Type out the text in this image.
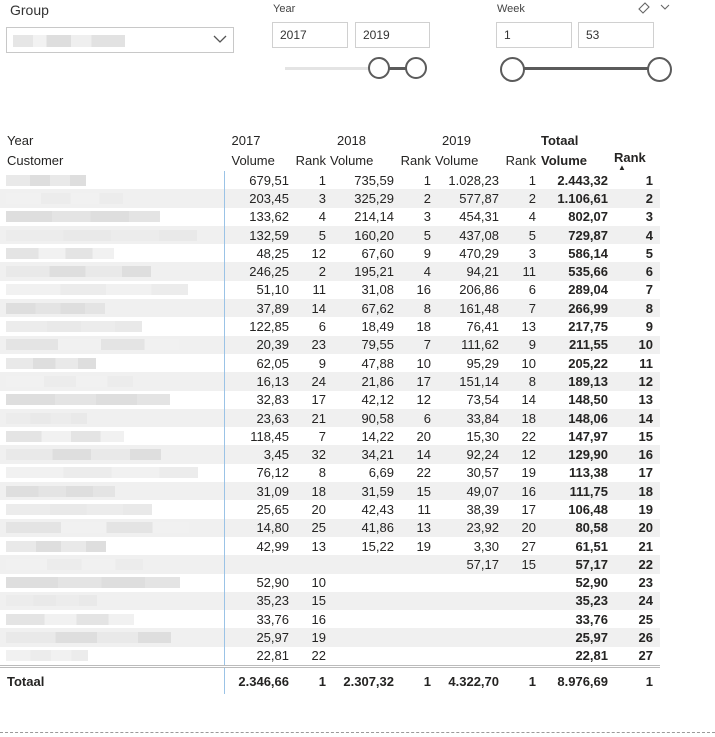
Group	Year
2017	2019
Week
1	53
Year	2017		2018		2019		Totaal	
Customer	Volume	Rank	Volume	Rank	Volume	Rank	Volume	Rank
▲

	679,51	1	735,59	1	1.028,23	1	2.443,32	1

	203,45	3	325,29	2	577,87	2	1.106,61	2

	133,62	4	214,14	3	454,31	4	802,07	3

	132,59	5	160,20	5	437,08	5	729,87	4

	48,25	12	67,60	9	470,29	3	586,14	5

	246,25	2	195,21	4	94,21	11	535,66	6

	51,10	11	31,08	16	206,86	6	289,04	7

	37,89	14	67,62	8	161,48	7	266,99	8

	122,85	6	18,49	18	76,41	13	217,75	9

	20,39	23	79,55	7	111,62	9	211,55	10

	62,05	9	47,88	10	95,29	10	205,22	11

	16,13	24	21,86	17	151,14	8	189,13	12

	32,83	17	42,12	12	73,54	14	148,50	13

	23,63	21	90,58	6	33,84	18	148,06	14

	118,45	7	14,22	20	15,30	22	147,97	15

	3,45	32	34,21	14	92,24	12	129,90	16

	76,12	8	6,69	22	30,57	19	113,38	17

	31,09	18	31,59	15	49,07	16	111,75	18

	25,65	20	42,43	11	38,39	17	106,48	19

	14,80	25	41,86	13	23,92	20	80,58	20

	42,99	13	15,22	19	3,30	27	61,51	21

					57,17	15	57,17	22

	52,90	10					52,90	23

	35,23	15					35,23	24

	33,76	16					33,76	25

	25,97	19					25,97	26

	22,81	22					22,81	27
Totaal	2.346,66	1	2.307,32	1	4.322,70	1	8.976,69	1
